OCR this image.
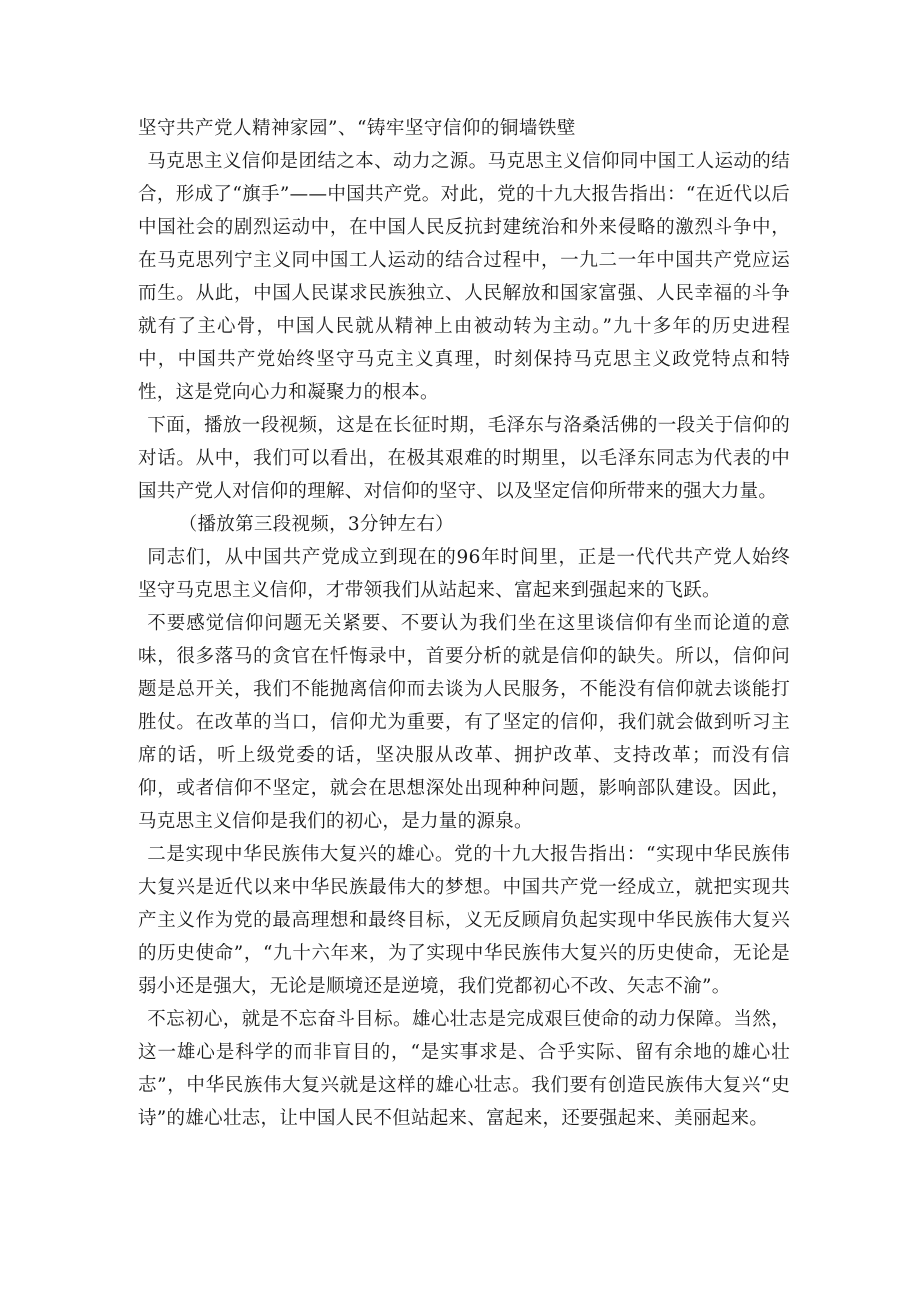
坚守共产党人精神家园”、“铸牢坚守信仰的铜墙铁壁

马克思主义信仰是团结之本、动力之源。马克思主义信仰同中国工人运动的结合，形成了“旗手”——中国共产党。对此，党的十九大报告指出：“在近代以后中国社会的剧烈运动中，在中国人民反抗封建统治和外来侵略的激烈斗争中，在马克思列宁主义同中国工人运动的结合过程中，一九二一年中国共产党应运而生。从此，中国人民谋求民族独立、人民解放和国家富强、人民幸福的斗争就有了主心骨，中国人民就从精神上由被动转为主动。”九十多年的历史进程中，中国共产党始终坚守马克主义真理，时刻保持马克思主义政党特点和特性，这是党向心力和凝聚力的根本。

下面，播放一段视频，这是在长征时期，毛泽东与洛桑活佛的一段关于信仰的对话。从中，我们可以看出，在极其艰难的时期里，以毛泽东同志为代表的中国共产党人对信仰的理解、对信仰的坚守、以及坚定信仰所带来的强大力量。

（播放第三段视频，3分钟左右）

同志们，从中国共产党成立到现在的96年时间里，正是一代代共产党人始终坚守马克思主义信仰，才带领我们从站起来、富起来到强起来的飞跃。

不要感觉信仰问题无关紧要、不要认为我们坐在这里谈信仰有坐而论道的意味，很多落马的贪官在忏悔录中，首要分析的就是信仰的缺失。所以，信仰问题是总开关，我们不能抛离信仰而去谈为人民服务，不能没有信仰就去谈能打胜仗。在改革的当口，信仰尤为重要，有了坚定的信仰，我们就会做到听习主席的话，听上级党委的话，坚决服从改革、拥护改革、支持改革；而没有信仰，或者信仰不坚定，就会在思想深处出现种种问题，影响部队建设。因此，马克思主义信仰是我们的初心，是力量的源泉。

二是实现中华民族伟大复兴的雄心。党的十九大报告指出：“实现中华民族伟大复兴是近代以来中华民族最伟大的梦想。中国共产党一经成立，就把实现共产主义作为党的最高理想和最终目标，义无反顾肩负起实现中华民族伟大复兴的历史使命”，“九十六年来，为了实现中华民族伟大复兴的历史使命，无论是弱小还是强大，无论是顺境还是逆境，我们党都初心不改、矢志不渝”。

不忘初心，就是不忘奋斗目标。雄心壮志是完成艰巨使命的动力保障。当然，这一雄心是科学的而非盲目的，“是实事求是、合乎实际、留有余地的雄心壮志”，中华民族伟大复兴就是这样的雄心壮志。我们要有创造民族伟大复兴“史诗”的雄心壮志，让中国人民不但站起来、富起来，还要强起来、美丽起来。
